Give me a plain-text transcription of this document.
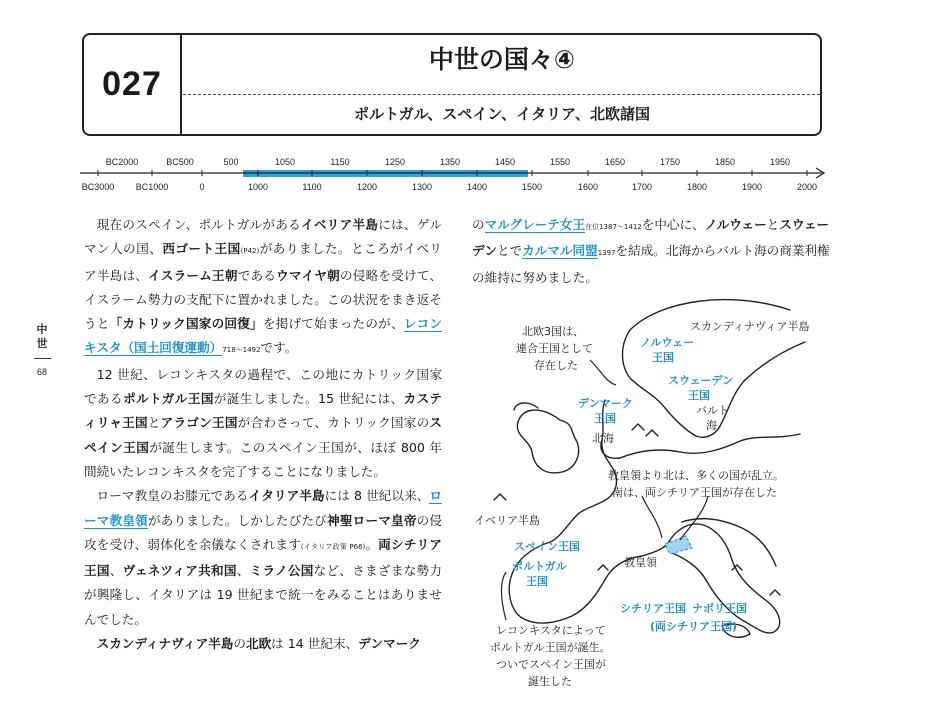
027
中世の国々④
ポルトガル、スペイン、イタリア、北欧諸国
BC2000	BC500	500	1050	1150	1250	1350	1450	1550	1650	1750	1850	1950
BC3000 BC1000	0	1000	1100	1200	1300	1400	1500	1600	1700	1800	1900	2000
中
世
68

現在のスペイン、ポルトガルがあるイベリア半島には、ゲルマン人の国、西ゴート王国(P42)がありました。ところがイベリア半島は、イスラーム王朝であるウマイヤ朝の侵略を受けて、イスラーム勢力の支配下に置かれました。この状況をまき返そうと「カトリック国家の回復」を掲げて始まったのが、レコンキスタ（国土回復運動）718〜1492です。

12 世紀、レコンキスタの過程で、この地にカトリック国家であるポルトガル王国が誕生しました。15 世紀には、カスティリャ王国とアラゴン王国が合わさって、カトリック国家のスペイン王国が誕生します。このスペイン王国が、ほぼ 800 年間続いたレコンキスタを完了することになりました。

ローマ教皇のお膝元であるイタリア半島には 8 世紀以来、ローマ教皇領がありました。しかしたびたび神聖ローマ皇帝の侵攻を受け、弱体化を余儀なくされます(イタリア政策 P66)。両シチリア王国、ヴェネツィア共和国、ミラノ公国など、さまざまな勢力が興隆し、イタリアは 19 世紀まで統一をみることはありませんでした。

スカンディナヴィア半島の北欧は 14 世紀末、デンマーク

のマルグレーテ女王在位1387〜1412を中心に、ノルウェーとスウェーデンとでカルマル同盟1397を結成。北海からバルト海の商業利権の維持に努めました。
北欧3国は、
連合王国として
存在した
スカンディナヴィア半島
ノルウェー
王国
スウェーデン
王国
デンマーク
王国
バルト
海
北海
教皇領より北は、多くの国が乱立。
南は、両シチリア王国が存在した
イベリア半島
スペイン王国
ポルトガル
王国
教皇領
シチリア王国 ナポリ王国
(両シチリア王国)
レコンキスタによって
ポルトガル王国が誕生。
ついでスペイン王国が
誕生した
